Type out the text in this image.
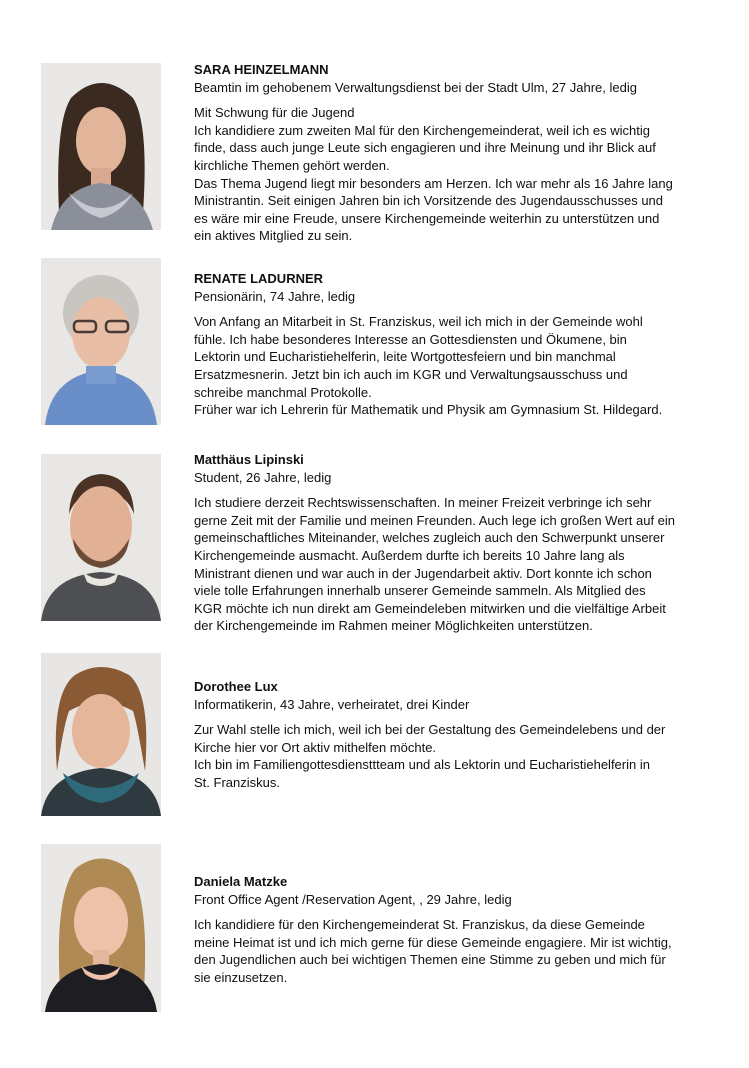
SARA HEINZELMANN
Beamtin im gehobenem Verwaltungsdienst bei der Stadt Ulm, 27 Jahre, ledig
Mit Schwung für die Jugend
Ich kandidiere zum zweiten Mal für den Kirchengemeinderat, weil ich es wichtig
finde, dass auch junge Leute sich engagieren und ihre Meinung und ihr Blick auf
kirchliche Themen gehört werden.
Das Thema Jugend liegt mir besonders am Herzen. Ich war mehr als 16 Jahre lang
Ministrantin. Seit einigen Jahren bin ich Vorsitzende des Jugendausschusses und
es wäre mir eine Freude, unsere Kirchengemeinde weiterhin zu unterstützen und
ein aktives Mitglied zu sein.
RENATE LADURNER
Pensionärin, 74 Jahre, ledig
Von Anfang an Mitarbeit in St. Franziskus, weil ich mich in der Gemeinde wohl
fühle. Ich habe besonderes Interesse an Gottesdiensten und Ökumene, bin
Lektorin und Eucharistiehelferin, leite Wortgottesfeiern und bin manchmal
Ersatzmesnerin. Jetzt bin ich auch im KGR und Verwaltungsausschuss und
schreibe manchmal Protokolle.
Früher war ich Lehrerin für Mathematik und Physik am Gymnasium St. Hildegard.
Matthäus Lipinski
Student, 26 Jahre, ledig
Ich studiere derzeit Rechtswissenschaften. In meiner Freizeit verbringe ich sehr
gerne Zeit mit der Familie und meinen Freunden. Auch lege ich großen Wert auf ein
gemeinschaftliches Miteinander, welches zugleich auch den Schwerpunkt unserer
Kirchengemeinde ausmacht. Außerdem durfte ich bereits 10 Jahre lang als
Ministrant dienen und war auch in der Jugendarbeit aktiv. Dort konnte ich schon
viele tolle Erfahrungen innerhalb unserer Gemeinde sammeln. Als Mitglied des
KGR möchte ich nun direkt am Gemeindeleben mitwirken und die vielfältige Arbeit
der Kirchengemeinde im Rahmen meiner Möglichkeiten unterstützen.
Dorothee Lux
Informatikerin, 43 Jahre, verheiratet, drei Kinder
Zur Wahl stelle ich mich, weil ich bei der Gestaltung des Gemeindelebens und der
Kirche hier vor Ort aktiv mithelfen möchte.
Ich bin im Familiengottesdiensttteam und als Lektorin und Eucharistiehelferin in
St. Franziskus.
Daniela Matzke
Front Office Agent /Reservation Agent, , 29 Jahre, ledig
Ich kandidiere für den Kirchengemeinderat St. Franziskus, da diese Gemeinde
meine Heimat ist und ich mich gerne für diese Gemeinde engagiere. Mir ist wichtig,
den Jugendlichen auch bei wichtigen Themen eine Stimme zu geben und mich für
sie einzusetzen.
